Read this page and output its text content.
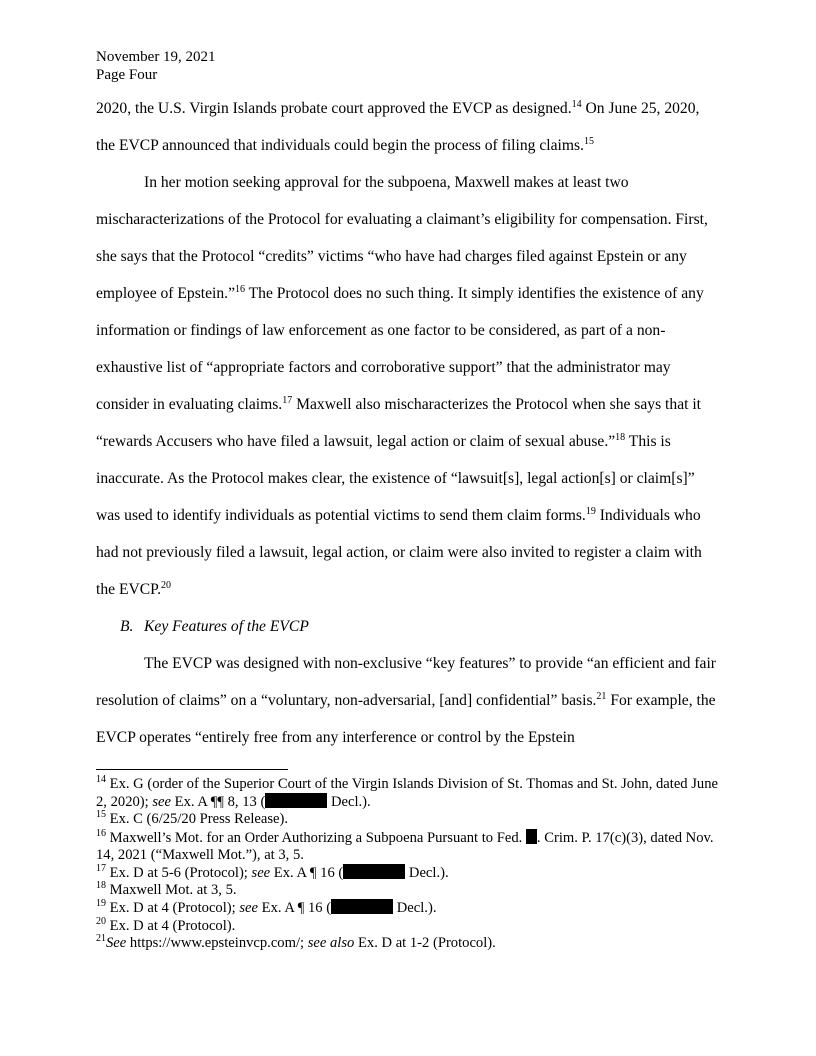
November 19, 2021
Page Four

2020, the U.S. Virgin Islands probate court approved the EVCP as designed.$^{14}$ On June 25, 2020, the EVCP announced that individuals could begin the process of filing claims.$^{15}$

In her motion seeking approval for the subpoena, Maxwell makes at least two mischaracterizations of the Protocol for evaluating a claimant’s eligibility for compensation. First, she says that the Protocol “credits” victims “who have had charges filed against Epstein or any employee of Epstein.”$^{16}$ The Protocol does no such thing. It simply identifies the existence of any information or findings of law enforcement as one factor to be considered, as part of a non-exhaustive list of “appropriate factors and corroborative support” that the administrator may consider in evaluating claims.$^{17}$ Maxwell also mischaracterizes the Protocol when she says that it “rewards Accusers who have filed a lawsuit, legal action or claim of sexual abuse.”$^{18}$ This is inaccurate. As the Protocol makes clear, the existence of “lawsuit[s], legal action[s] or claim[s]” was used to identify individuals as potential victims to send them claim forms.$^{19}$ Individuals who had not previously filed a lawsuit, legal action, or claim were also invited to register a claim with the EVCP.$^{20}$

B. Key Features of the EVCP

The EVCP was designed with non-exclusive “key features” to provide “an efficient and fair resolution of claims” on a “voluntary, non-adversarial, [and] confidential” basis.$^{21}$ For example, the EVCP operates “entirely free from any interference or control by the Epstein

$^{14}$ Ex. G (order of the Superior Court of the Virgin Islands Division of St. Thomas and St. John, dated June 2, 2020); see Ex. A ¶¶ 8, 13 (	Decl.).

$^{15}$ Ex. C (6/25/20 Press Release).

$^{16}$ Maxwell’s Mot. for an Order Authorizing a Subpoena Pursuant to Fed. . Crim. P. 17(c)(3), dated Nov. 14, 2021 (“Maxwell Mot.”), at 3, 5.

$^{17}$ Ex. D at 5-6 (Protocol); see Ex. A ¶ 16 (	Decl.).

$^{18}$ Maxwell Mot. at 3, 5.

$^{19}$ Ex. D at 4 (Protocol); see Ex. A ¶ 16 (	Decl.).

$^{20}$ Ex. D at 4 (Protocol).

$^{21}$See https://www.epsteinvcp.com/; see also Ex. D at 1-2 (Protocol).
